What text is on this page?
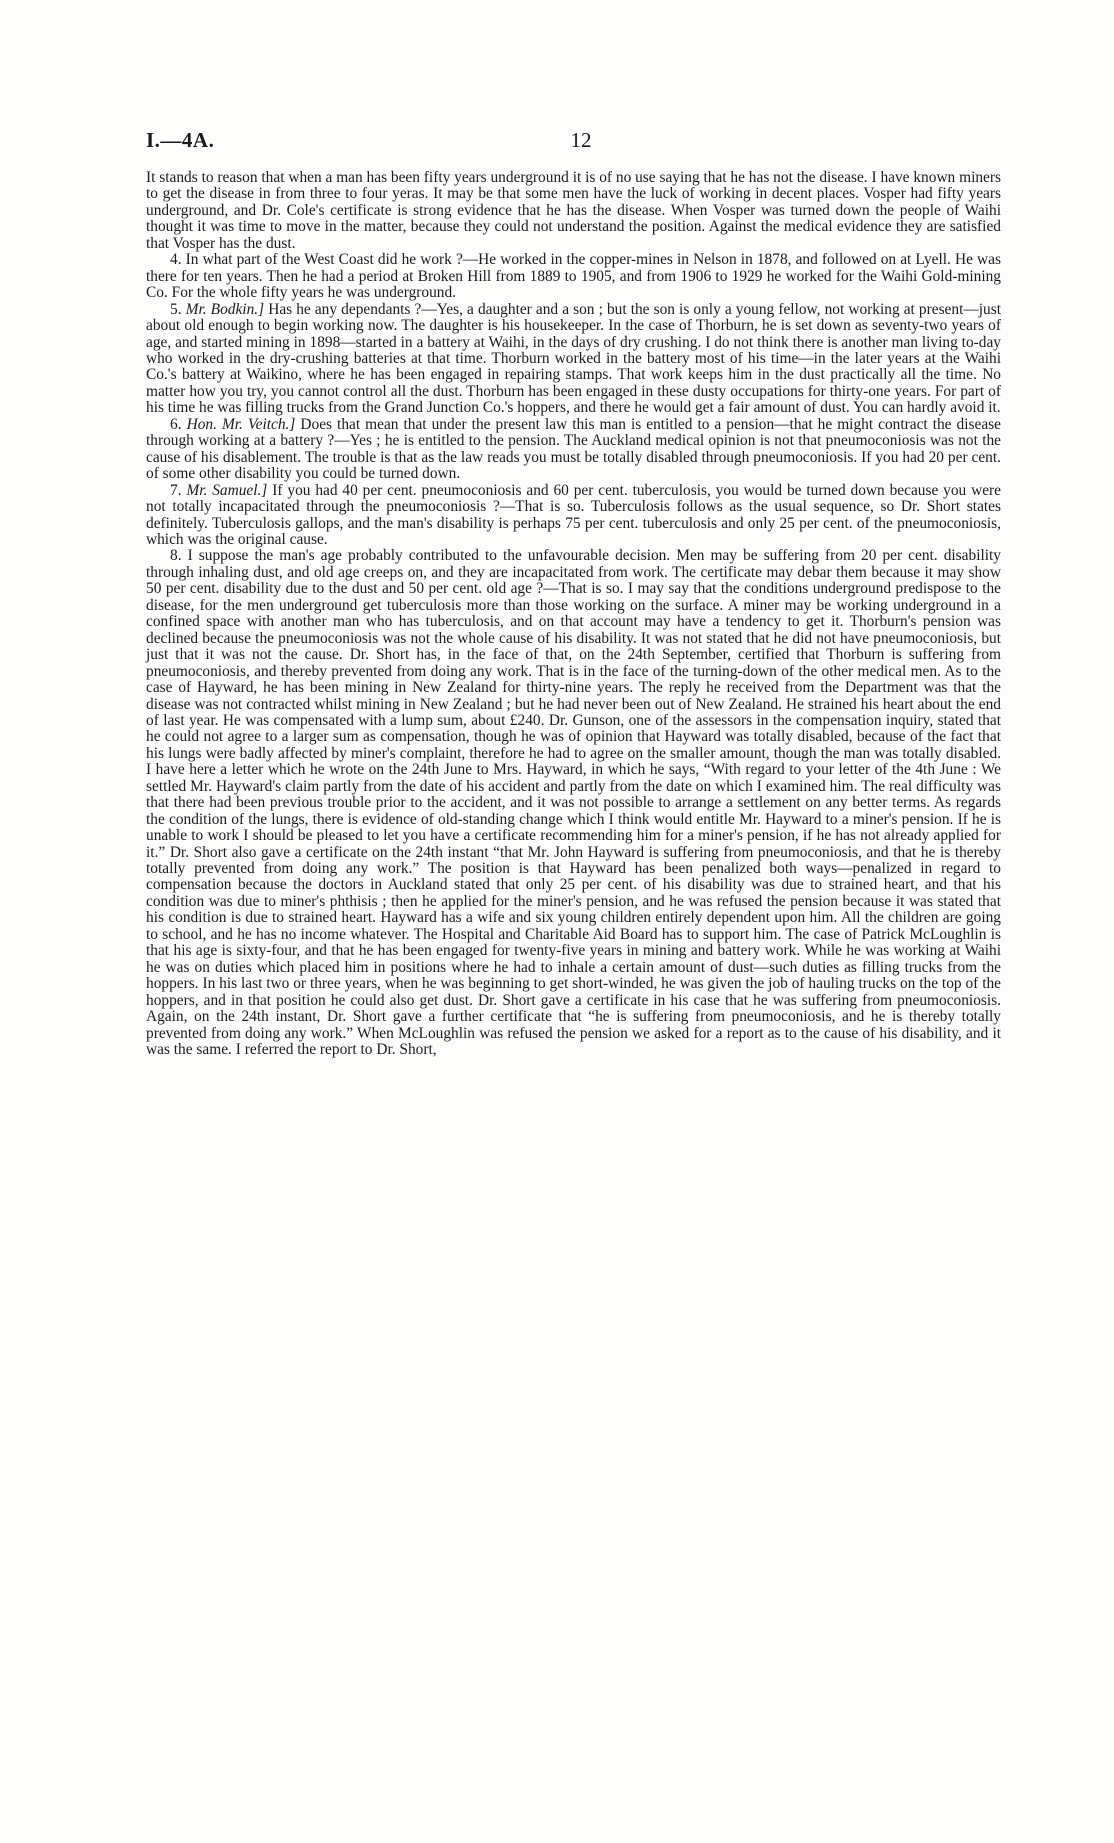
I.—4A.	12

It stands to reason that when a man has been fifty years underground it is of no use saying that he has not the disease. I have known miners to get the disease in from three to four yeras. It may be that some men have the luck of working in decent places. Vosper had fifty years underground, and Dr. Cole's certificate is strong evidence that he has the disease. When Vosper was turned down the people of Waihi thought it was time to move in the matter, because they could not understand the position. Against the medical evidence they are satisfied that Vosper has the dust.

4. In what part of the West Coast did he work ?—He worked in the copper-mines in Nelson in 1878, and followed on at Lyell. He was there for ten years. Then he had a period at Broken Hill from 1889 to 1905, and from 1906 to 1929 he worked for the Waihi Gold-mining Co. For the whole fifty years he was underground.

5. Mr. Bodkin.] Has he any dependants ?—Yes, a daughter and a son ; but the son is only a young fellow, not working at present—just about old enough to begin working now. The daughter is his housekeeper. In the case of Thorburn, he is set down as seventy-two years of age, and started mining in 1898—started in a battery at Waihi, in the days of dry crushing. I do not think there is another man living to-day who worked in the dry-crushing batteries at that time. Thorburn worked in the battery most of his time—in the later years at the Waihi Co.'s battery at Waikino, where he has been engaged in repairing stamps. That work keeps him in the dust practically all the time. No matter how you try, you cannot control all the dust. Thorburn has been engaged in these dusty occupations for thirty-one years. For part of his time he was filling trucks from the Grand Junction Co.'s hoppers, and there he would get a fair amount of dust. You can hardly avoid it.

6. Hon. Mr. Veitch.] Does that mean that under the present law this man is entitled to a pension—that he might contract the disease through working at a battery ?—Yes ; he is entitled to the pension. The Auckland medical opinion is not that pneumoconiosis was not the cause of his disablement. The trouble is that as the law reads you must be totally disabled through pneumoconiosis. If you had 20 per cent. of some other disability you could be turned down.

7. Mr. Samuel.] If you had 40 per cent. pneumoconiosis and 60 per cent. tuberculosis, you would be turned down because you were not totally incapacitated through the pneumoconiosis ?—That is so. Tuberculosis follows as the usual sequence, so Dr. Short states definitely. Tuberculosis gallops, and the man's disability is perhaps 75 per cent. tuberculosis and only 25 per cent. of the pneumoconiosis, which was the original cause.

8. I suppose the man's age probably contributed to the unfavourable decision. Men may be suffering from 20 per cent. disability through inhaling dust, and old age creeps on, and they are incapacitated from work. The certificate may debar them because it may show 50 per cent. disability due to the dust and 50 per cent. old age ?—That is so. I may say that the conditions underground predispose to the disease, for the men underground get tuberculosis more than those working on the surface. A miner may be working underground in a confined space with another man who has tuberculosis, and on that account may have a tendency to get it. Thorburn's pension was declined because the pneumoconiosis was not the whole cause of his disability. It was not stated that he did not have pneumoconiosis, but just that it was not the cause. Dr. Short has, in the face of that, on the 24th September, certified that Thorburn is suffering from pneumoconiosis, and thereby prevented from doing any work. That is in the face of the turning-down of the other medical men. As to the case of Hayward, he has been mining in New Zealand for thirty-nine years. The reply he received from the Department was that the disease was not contracted whilst mining in New Zealand ; but he had never been out of New Zealand. He strained his heart about the end of last year. He was compensated with a lump sum, about £240. Dr. Gunson, one of the assessors in the compensation inquiry, stated that he could not agree to a larger sum as compensation, though he was of opinion that Hayward was totally disabled, because of the fact that his lungs were badly affected by miner's complaint, therefore he had to agree on the smaller amount, though the man was totally disabled. I have here a letter which he wrote on the 24th June to Mrs. Hayward, in which he says, “With regard to your letter of the 4th June : We settled Mr. Hayward's claim partly from the date of his accident and partly from the date on which I examined him. The real difficulty was that there had been previous trouble prior to the accident, and it was not possible to arrange a settlement on any better terms. As regards the condition of the lungs, there is evidence of old-standing change which I think would entitle Mr. Hayward to a miner's pension. If he is unable to work I should be pleased to let you have a certificate recommending him for a miner's pension, if he has not already applied for it.” Dr. Short also gave a certificate on the 24th instant “that Mr. John Hayward is suffering from pneumoconiosis, and that he is thereby totally prevented from doing any work.” The position is that Hayward has been penalized both ways—penalized in regard to compensation because the doctors in Auckland stated that only 25 per cent. of his disability was due to strained heart, and that his condition was due to miner's phthisis ; then he applied for the miner's pension, and he was refused the pension because it was stated that his condition is due to strained heart. Hayward has a wife and six young children entirely dependent upon him. All the children are going to school, and he has no income whatever. The Hospital and Charitable Aid Board has to support him. The case of Patrick McLoughlin is that his age is sixty-four, and that he has been engaged for twenty-five years in mining and battery work. While he was working at Waihi he was on duties which placed him in positions where he had to inhale a certain amount of dust—such duties as filling trucks from the hoppers. In his last two or three years, when he was beginning to get short-winded, he was given the job of hauling trucks on the top of the hoppers, and in that position he could also get dust. Dr. Short gave a certificate in his case that he was suffering from pneumoconiosis. Again, on the 24th instant, Dr. Short gave a further certificate that “he is suffering from pneumoconiosis, and he is thereby totally prevented from doing any work.” When McLoughlin was refused the pension we asked for a report as to the cause of his disability, and it was the same. I referred the report to Dr. Short,
